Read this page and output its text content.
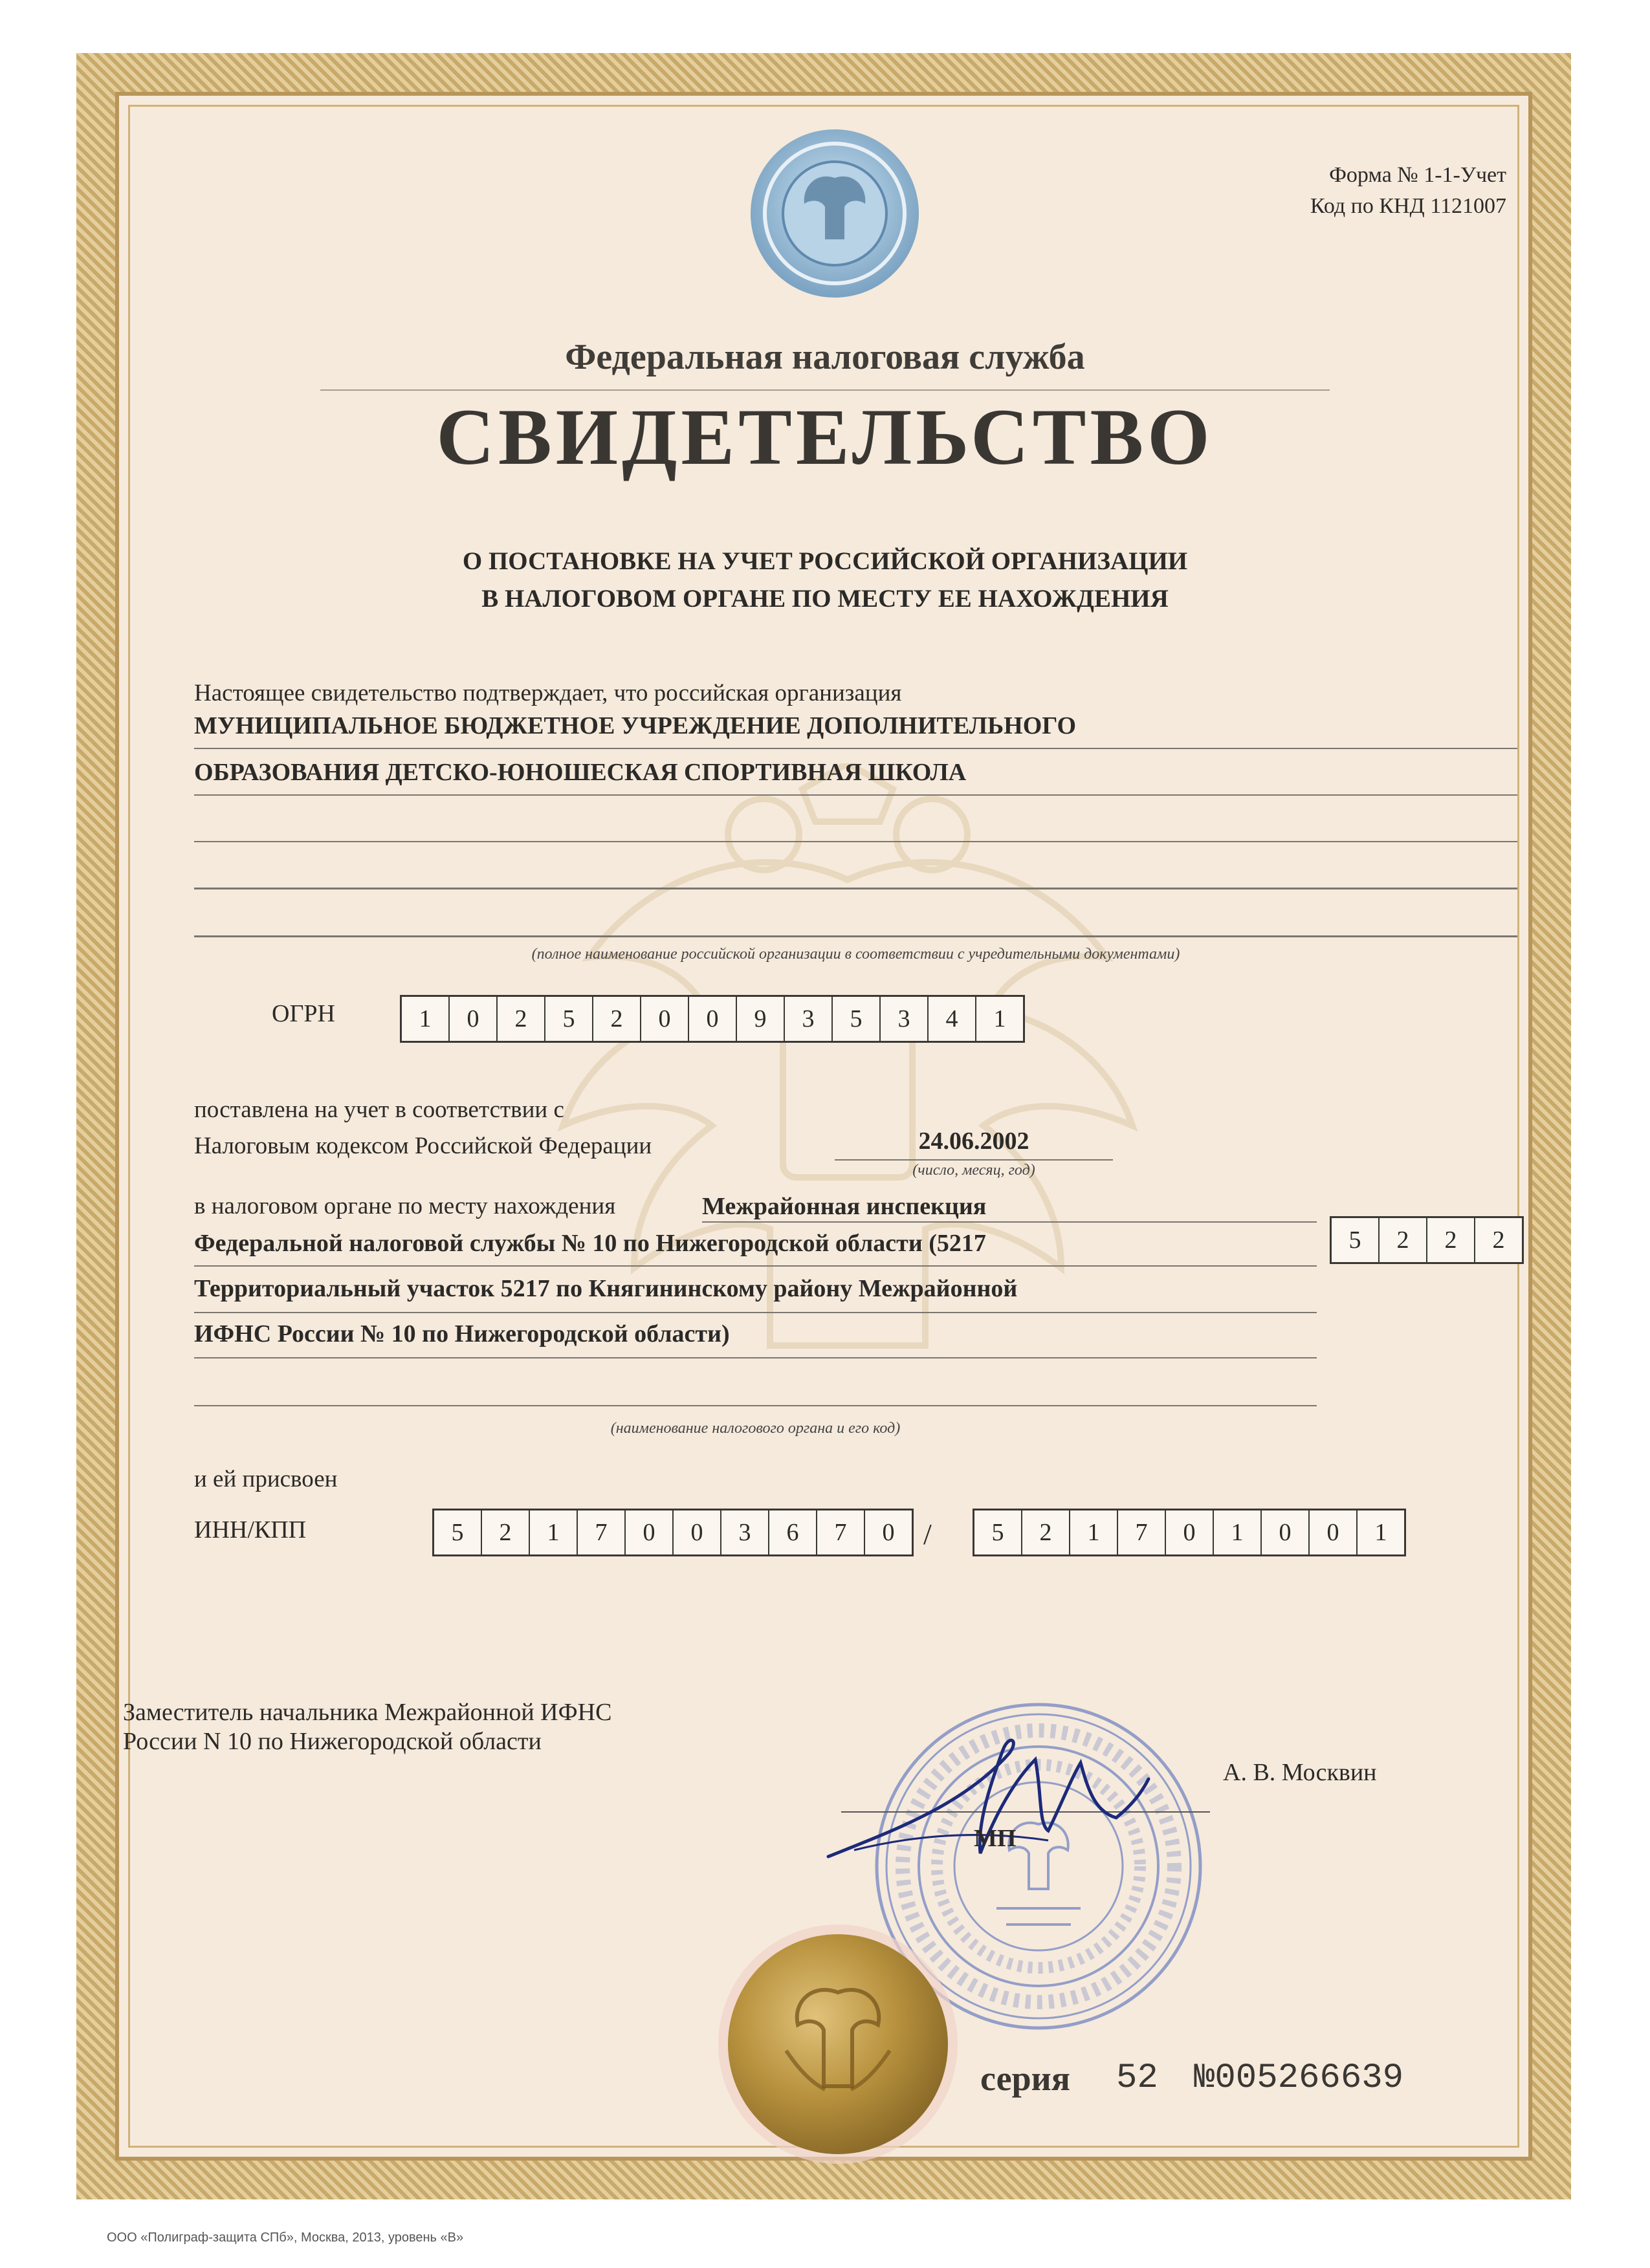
Форма № 1-1-Учет
Код по КНД 1121007
Федеральная налоговая служба
СВИДЕТЕЛЬСТВО
О ПОСТАНОВКЕ НА УЧЕТ РОССИЙСКОЙ ОРГАНИЗАЦИИ
В НАЛОГОВОМ ОРГАНЕ ПО МЕСТУ ЕЕ НАХОЖДЕНИЯ
Настоящее свидетельство подтверждает, что российская организация
МУНИЦИПАЛЬНОЕ БЮДЖЕТНОЕ УЧРЕЖДЕНИЕ ДОПОЛНИТЕЛЬНОГО
ОБРАЗОВАНИЯ ДЕТСКО-ЮНОШЕСКАЯ СПОРТИВНАЯ ШКОЛА
(полное наименование российской организации в соответствии с учредительными документами)
ОГРН	1	0	2	5	2	0	0	9	3	5	3	4	1
поставлена на учет в соответствии с
Налоговым кодексом Российской Федерации	24.06.2002
(число, месяц, год)
в налоговом органе по месту нахождения	Межрайонная инспекция
Федеральной налоговой службы № 10 по Нижегородской области (5217
Территориальный участок 5217 по Княгининскому району Межрайонной
ИФНС России № 10 по Нижегородской области)
(наименование налогового органа и его код)
5	2	2	2
и ей присвоен
ИНН/КПП	5	2	1	7	0	0	3	6	7	0 /	5	2	1	7	0	1	0	0	1
Заместитель начальника Межрайонной ИФНС
России N 10 по Нижегородской области
А. В. Москвин
МП
серия 52 №005266639
ООО «Полиграф-защита СПб», Москва, 2013, уровень «В»
